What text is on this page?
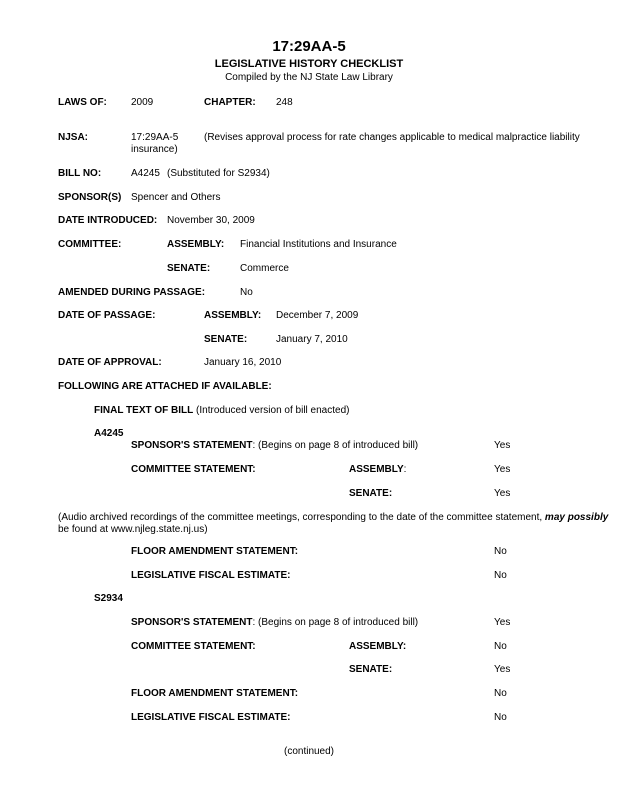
17:29AA-5
LEGISLATIVE HISTORY CHECKLIST
Compiled by the NJ State Law Library
LAWS OF: 2009	CHAPTER: 248
NJSA:	17:29AA-5	(Revises approval process for rate changes applicable to medical malpractice liability
insurance)
BILL NO:	A4245 (Substituted for S2934)
SPONSOR(S) Spencer and Others
DATE INTRODUCED: November 30, 2009
COMMITTEE:	ASSEMBLY: Financial Institutions and Insurance
SENATE:	Commerce
AMENDED DURING PASSAGE:	No
DATE OF PASSAGE:	ASSEMBLY: December 7, 2009
SENATE:	January 7, 2010
DATE OF APPROVAL:	January 16, 2010
FOLLOWING ARE ATTACHED IF AVAILABLE:
FINAL TEXT OF BILL (Introduced version of bill enacted)
A4245
SPONSOR'S STATEMENT: (Begins on page 8 of introduced bill)	Yes
COMMITTEE STATEMENT:	ASSEMBLY:	Yes
SENATE:	Yes
(Audio archived recordings of the committee meetings, corresponding to the date of the committee statement, may possibly
be found at www.njleg.state.nj.us)
FLOOR AMENDMENT STATEMENT:	No
LEGISLATIVE FISCAL ESTIMATE:	No
S2934
SPONSOR'S STATEMENT: (Begins on page 8 of introduced bill)	Yes
COMMITTEE STATEMENT:	ASSEMBLY:	No
SENATE:	Yes
FLOOR AMENDMENT STATEMENT:	No
LEGISLATIVE FISCAL ESTIMATE:	No
(continued)
